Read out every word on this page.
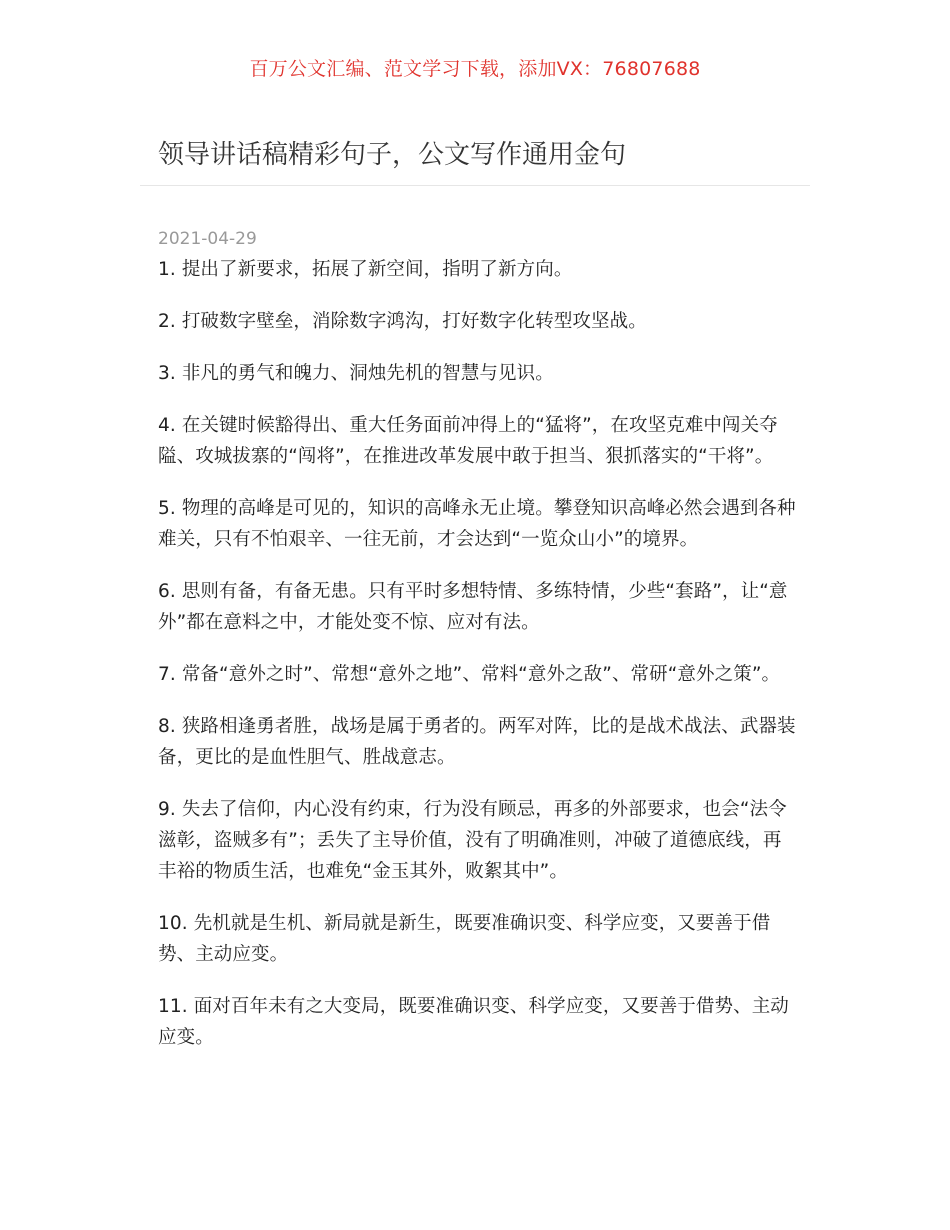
百万公文汇编、范文学习下载，添加VX：76807688
领导讲话稿精彩句子，公文写作通用金句
2021-04-29
1. 提出了新要求，拓展了新空间，指明了新方向。
2. 打破数字壁垒，消除数字鸿沟，打好数字化转型攻坚战。
3. 非凡的勇气和魄力、洞烛先机的智慧与见识。
4. 在关键时候豁得出、重大任务面前冲得上的“猛将”，在攻坚克难中闯关夺隘、攻城拔寨的“闯将”，在推进改革发展中敢于担当、狠抓落实的“干将”。
5. 物理的高峰是可见的，知识的高峰永无止境。攀登知识高峰必然会遇到各种难关，只有不怕艰辛、一往无前，才会达到“一览众山小”的境界。
6. 思则有备，有备无患。只有平时多想特情、多练特情，少些“套路”，让“意外”都在意料之中，才能处变不惊、应对有法。
7. 常备“意外之时”、常想“意外之地”、常料“意外之敌”、常研“意外之策”。
8. 狭路相逢勇者胜，战场是属于勇者的。两军对阵，比的是战术战法、武器装备，更比的是血性胆气、胜战意志。
9. 失去了信仰，内心没有约束，行为没有顾忌，再多的外部要求，也会“法令滋彰，盗贼多有”；丢失了主导价值，没有了明确准则，冲破了道德底线，再丰裕的物质生活，也难免“金玉其外，败絮其中”。
10. 先机就是生机、新局就是新生，既要准确识变、科学应变，又要善于借势、主动应变。
11. 面对百年未有之大变局，既要准确识变、科学应变，又要善于借势、主动应变。
